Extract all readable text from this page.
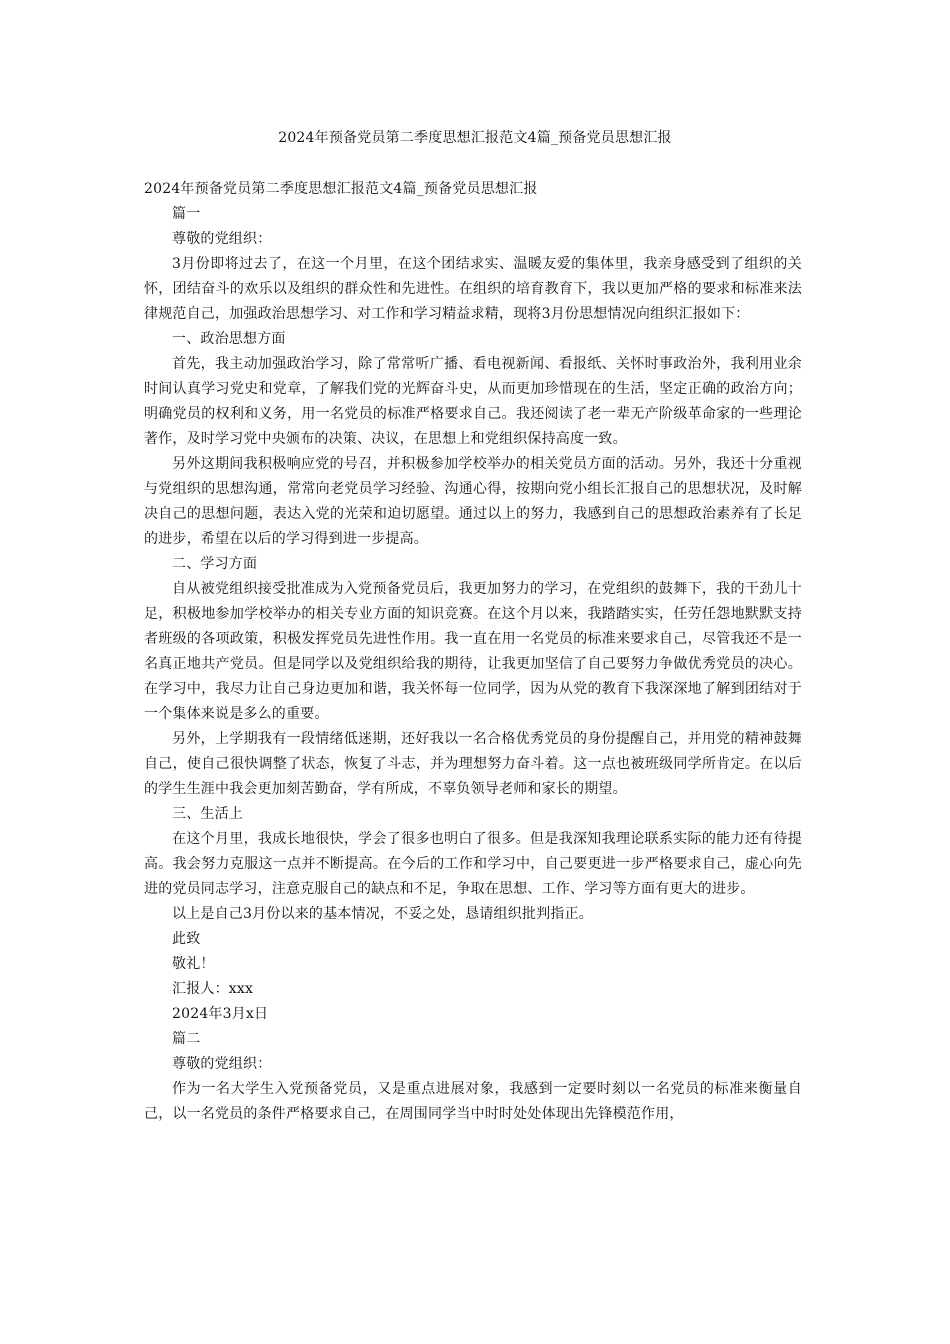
2024年预备党员第二季度思想汇报范文4篇_预备党员思想汇报

2024年预备党员第二季度思想汇报范文4篇_预备党员思想汇报

篇一

尊敬的党组织：

3月份即将过去了，在这一个月里，在这个团结求实、温暖友爱的集体里，我亲身感受到了组织的关怀，团结奋斗的欢乐以及组织的群众性和先进性。在组织的培育教育下，我以更加严格的要求和标准来法律规范自己，加强政治思想学习、对工作和学习精益求精，现将3月份思想情况向组织汇报如下：

一、政治思想方面

首先，我主动加强政治学习，除了常常听广播、看电视新闻、看报纸、关怀时事政治外，我利用业余时间认真学习党史和党章，了解我们党的光辉奋斗史，从而更加珍惜现在的生活，坚定正确的政治方向；明确党员的权利和义务，用一名党员的标准严格要求自己。我还阅读了老一辈无产阶级革命家的一些理论著作，及时学习党中央颁布的决策、决议，在思想上和党组织保持高度一致。

另外这期间我积极响应党的号召，并积极参加学校举办的相关党员方面的活动。另外，我还十分重视与党组织的思想沟通，常常向老党员学习经验、沟通心得，按期向党小组长汇报自己的思想状况，及时解决自己的思想问题，表达入党的光荣和迫切愿望。通过以上的努力，我感到自己的思想政治素养有了长足的进步，希望在以后的学习得到进一步提高。

二、学习方面

自从被党组织接受批准成为入党预备党员后，我更加努力的学习，在党组织的鼓舞下，我的干劲儿十足，积极地参加学校举办的相关专业方面的知识竞赛。在这个月以来，我踏踏实实，任劳任怨地默默支持者班级的各项政策，积极发挥党员先进性作用。我一直在用一名党员的标准来要求自己，尽管我还不是一名真正地共产党员。但是同学以及党组织给我的期待，让我更加坚信了自己要努力争做优秀党员的决心。在学习中，我尽力让自己身边更加和谐，我关怀每一位同学，因为从党的教育下我深深地了解到团结对于一个集体来说是多么的重要。

另外，上学期我有一段情绪低迷期，还好我以一名合格优秀党员的身份提醒自己，并用党的精神鼓舞自己，使自己很快调整了状态，恢复了斗志，并为理想努力奋斗着。这一点也被班级同学所肯定。在以后的学生生涯中我会更加刻苦勤奋，学有所成，不辜负领导老师和家长的期望。

三、生活上

在这个月里，我成长地很快，学会了很多也明白了很多。但是我深知我理论联系实际的能力还有待提高。我会努力克服这一点并不断提高。在今后的工作和学习中，自己要更进一步严格要求自己，虚心向先进的党员同志学习，注意克服自己的缺点和不足，争取在思想、工作、学习等方面有更大的进步。

以上是自己3月份以来的基本情况，不妥之处，恳请组织批判指正。

此致

敬礼！

汇报人：xxx

2024年3月x日

篇二

尊敬的党组织：

作为一名大学生入党预备党员，又是重点进展对象，我感到一定要时刻以一名党员的标准来衡量自己，以一名党员的条件严格要求自己，在周围同学当中时时处处体现出先锋模范作用，
